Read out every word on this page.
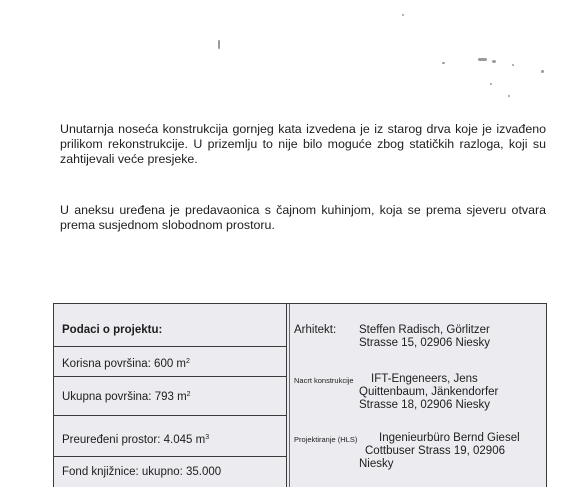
Unutarnja noseća konstrukcija gornjeg kata izvedena je iz starog drva koje je izvađeno prilikom rekonstrukcije. U prizemlju to nije bilo moguće zbog statičkih razloga, koji su zahtijevali veće presjeke.

U aneksu uređena je predavaonica s čajnom kuhinjom, koja se prema sjeveru otvara prema susjednom slobodnom prostoru.

Podaci o projektu:
Korisna površina: 600 $m^2$
Ukupna površina: 793 $m^2$
Preuređeni prostor: 4.045 $m^3$
Fond knjižnice: ukupno: 35.000
Arhitekt: Steffen Radisch, Görlitzer
Strasse 15, 02906 Niesky
Nacrt konstrukcije IFT-Engeneers, Jens
Quittenbaum, Jänkendorfer
Strasse 18, 02906 Niesky
Projektiranje (HLS) Ingenieurbüro Bernd Giesel
Cottbuser Strass 19, 02906
Niesky
